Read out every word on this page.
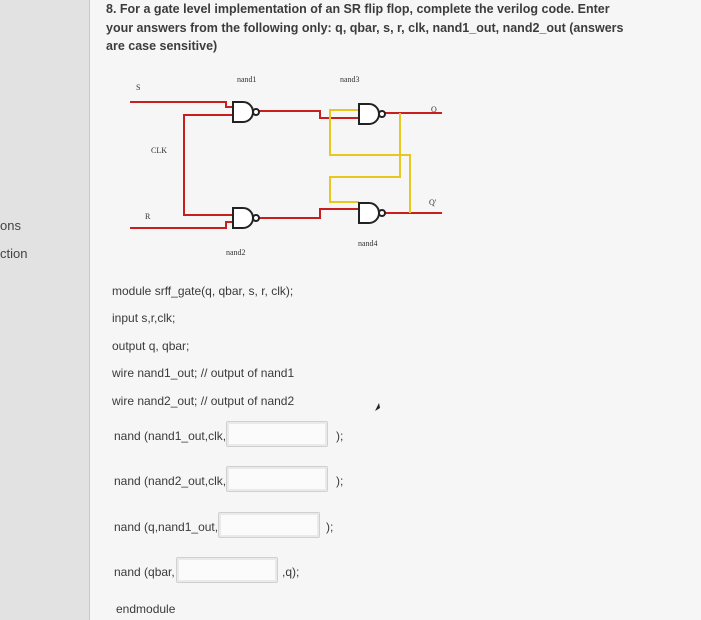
ons
ction
8. For a gate level implementation of an SR flip flop, complete the verilog code. Enter your answers from the following only: q, qbar, s, r, clk, nand1_out, nand2_out (answers are case sensitive)
S
CLK
R
nand1	nand3
nand2
nand4
Q
Q'
module srff_gate(q, qbar, s, r, clk);
input s,r,clk;
output q, qbar;
wire nand1_out; // output of nand1
wire nand2_out; // output of nand2
nand (nand1_out,clk,	);
nand (nand2_out,clk,	);
nand (q,nand1_out,	);
nand (qbar,	,q);
endmodule
